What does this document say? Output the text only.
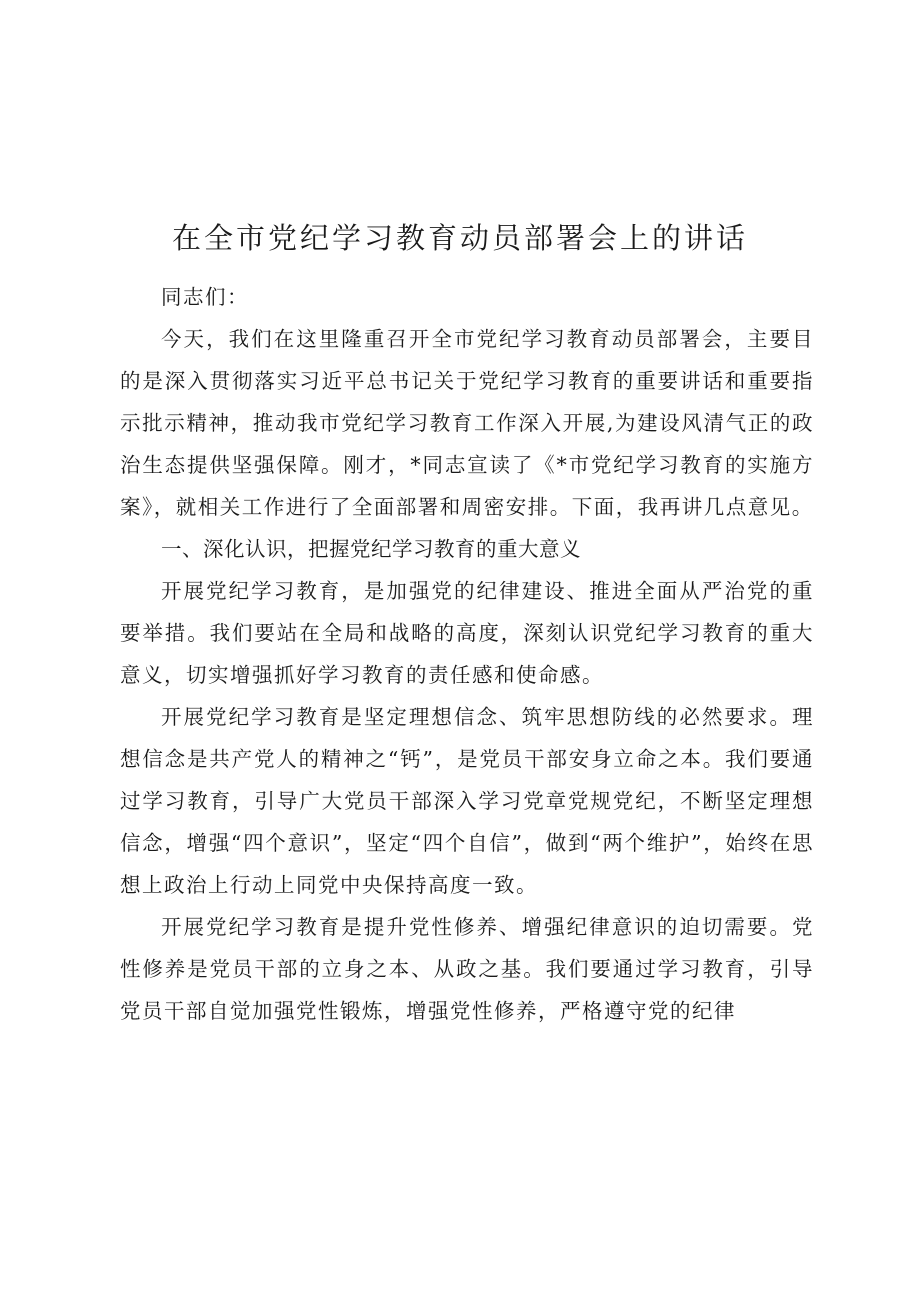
在全市党纪学习教育动员部署会上的讲话

同志们：

今天，我们在这里隆重召开全市党纪学习教育动员部署会，主要目的是深入贯彻落实习近平总书记关于党纪学习教育的重要讲话和重要指示批示精神，推动我市党纪学习教育工作深入开展,为建设风清气正的政治生态提供坚强保障。刚才，*同志宣读了《*市党纪学习教育的实施方案》，就相关工作进行了全面部署和周密安排。下面，我再讲几点意见。

一、深化认识，把握党纪学习教育的重大意义

开展党纪学习教育，是加强党的纪律建设、推进全面从严治党的重要举措。我们要站在全局和战略的高度，深刻认识党纪学习教育的重大意义，切实增强抓好学习教育的责任感和使命感。

开展党纪学习教育是坚定理想信念、筑牢思想防线的必然要求。理想信念是共产党人的精神之“钙”，是党员干部安身立命之本。我们要通过学习教育，引导广大党员干部深入学习党章党规党纪，不断坚定理想信念，增强“四个意识”，坚定“四个自信”，做到“两个维护”，始终在思想上政治上行动上同党中央保持高度一致。

开展党纪学习教育是提升党性修养、增强纪律意识的迫切需要。党性修养是党员干部的立身之本、从政之基。我们要通过学习教育，引导党员干部自觉加强党性锻炼，增强党性修养，严格遵守党的纪律
